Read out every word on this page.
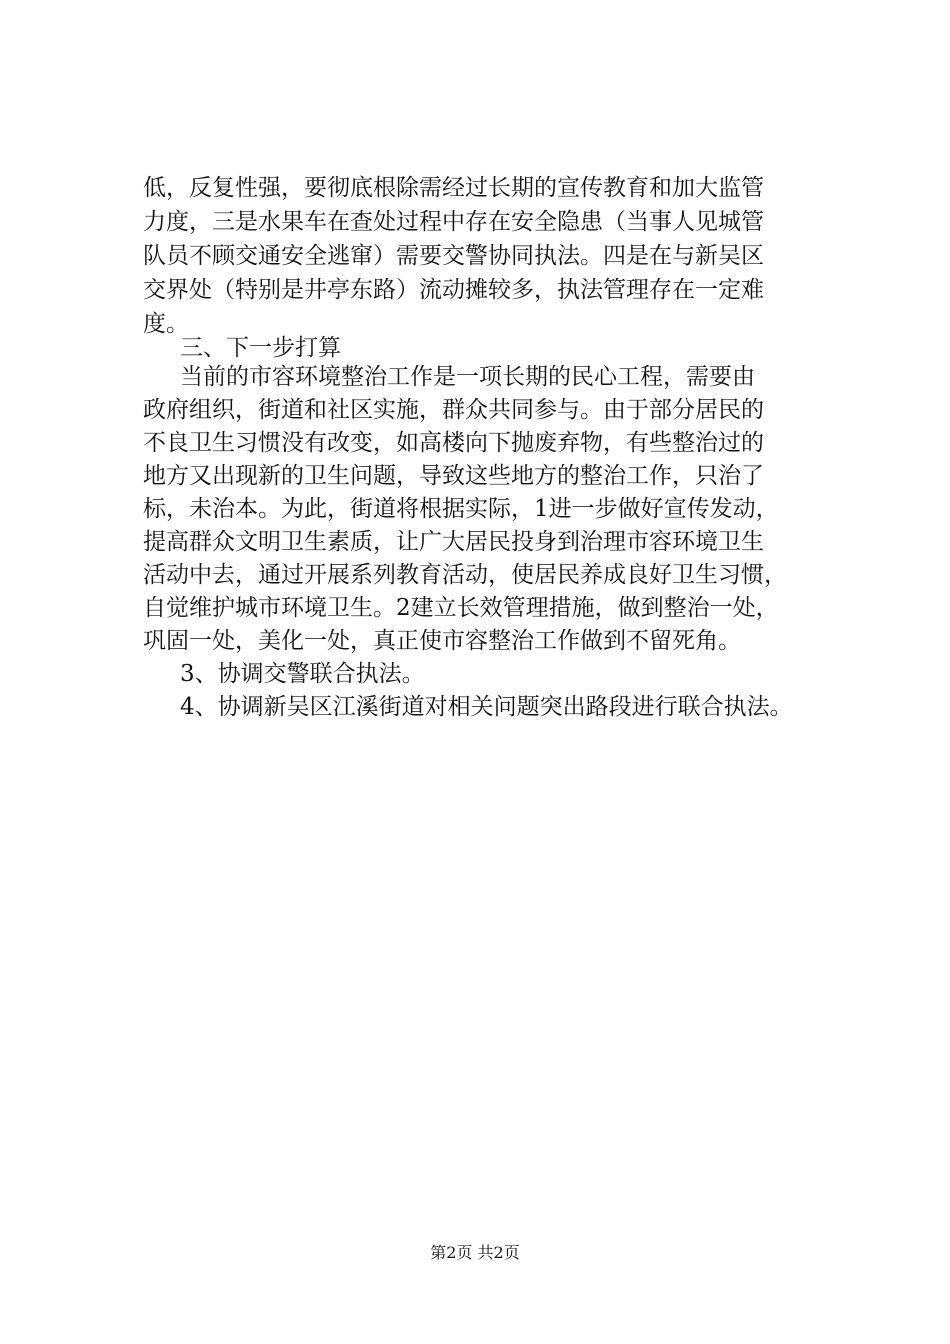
低，反复性强，要彻底根除需经过长期的宣传教育和加大监管
力度，三是水果车在查处过程中存在安全隐患（当事人见城管
队员不顾交通安全逃窜）需要交警协同执法。四是在与新吴区
交界处（特别是井亭东路）流动摊较多，执法管理存在一定难
度。
三、下一步打算
当前的市容环境整治工作是一项长期的民心工程，需要由
政府组织，街道和社区实施，群众共同参与。由于部分居民的
不良卫生习惯没有改变，如高楼向下抛废弃物，有些整治过的
地方又出现新的卫生问题，导致这些地方的整治工作，只治了
标，未治本。为此，街道将根据实际，1进一步做好宣传发动，
提高群众文明卫生素质，让广大居民投身到治理市容环境卫生
活动中去，通过开展系列教育活动，使居民养成良好卫生习惯，
自觉维护城市环境卫生。2建立长效管理措施，做到整治一处，
巩固一处，美化一处，真正使市容整治工作做到不留死角。
3、协调交警联合执法。
4、协调新吴区江溪街道对相关问题突出路段进行联合执法。
第2页 共2页
